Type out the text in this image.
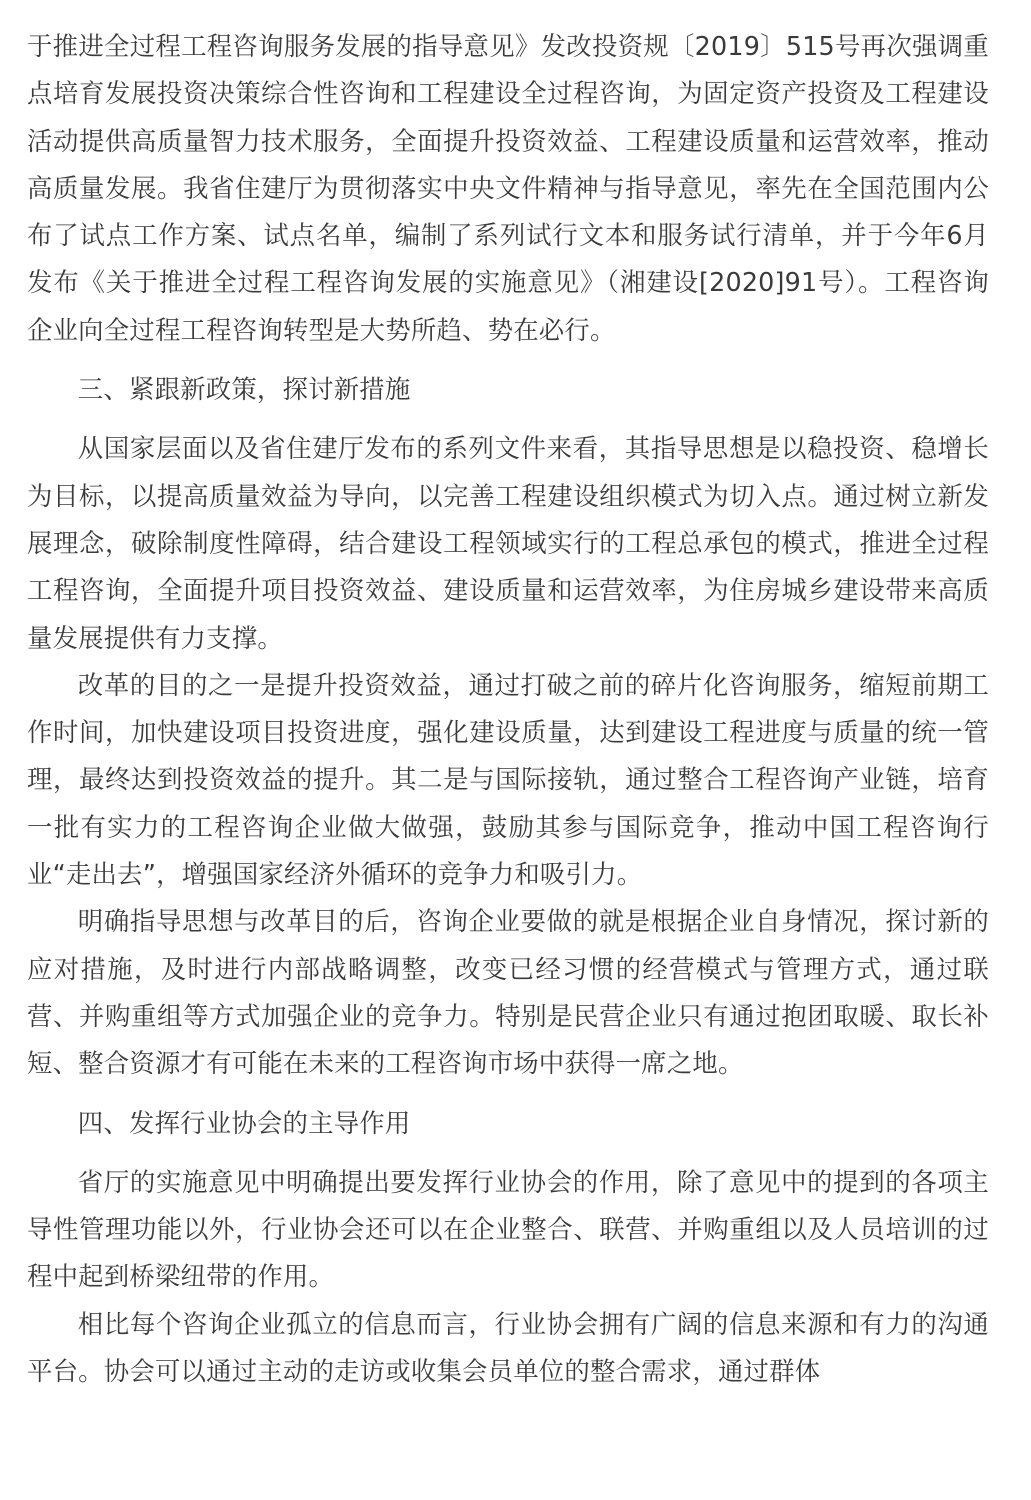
于推进全过程工程咨询服务发展的指导意见》发改投资规〔2019〕515号再次强调重点培育发展投资决策综合性咨询和工程建设全过程咨询，为固定资产投资及工程建设活动提供高质量智力技术服务，全面提升投资效益、工程建设质量和运营效率，推动高质量发展。我省住建厅为贯彻落实中央文件精神与指导意见，率先在全国范围内公布了试点工作方案、试点名单，编制了系列试行文本和服务试行清单，并于今年6月发布《关于推进全过程工程咨询发展的实施意见》（湘建设[2020]91号）。工程咨询企业向全过程工程咨询转型是大势所趋、势在必行。

三、紧跟新政策，探讨新措施

从国家层面以及省住建厅发布的系列文件来看，其指导思想是以稳投资、稳增长为目标，以提高质量效益为导向，以完善工程建设组织模式为切入点。通过树立新发展理念，破除制度性障碍，结合建设工程领域实行的工程总承包的模式，推进全过程工程咨询，全面提升项目投资效益、建设质量和运营效率，为住房城乡建设带来高质量发展提供有力支撑。

改革的目的之一是提升投资效益，通过打破之前的碎片化咨询服务，缩短前期工作时间，加快建设项目投资进度，强化建设质量，达到建设工程进度与质量的统一管理，最终达到投资效益的提升。其二是与国际接轨，通过整合工程咨询产业链，培育一批有实力的工程咨询企业做大做强，鼓励其参与国际竞争，推动中国工程咨询行业“走出去”，增强国家经济外循环的竞争力和吸引力。

明确指导思想与改革目的后，咨询企业要做的就是根据企业自身情况，探讨新的应对措施，及时进行内部战略调整，改变已经习惯的经营模式与管理方式，通过联营、并购重组等方式加强企业的竞争力。特别是民营企业只有通过抱团取暖、取长补短、整合资源才有可能在未来的工程咨询市场中获得一席之地。

四、发挥行业协会的主导作用

省厅的实施意见中明确提出要发挥行业协会的作用，除了意见中的提到的各项主导性管理功能以外，行业协会还可以在企业整合、联营、并购重组以及人员培训的过程中起到桥梁纽带的作用。

相比每个咨询企业孤立的信息而言，行业协会拥有广阔的信息来源和有力的沟通平台。协会可以通过主动的走访或收集会员单位的整合需求，通过群体
